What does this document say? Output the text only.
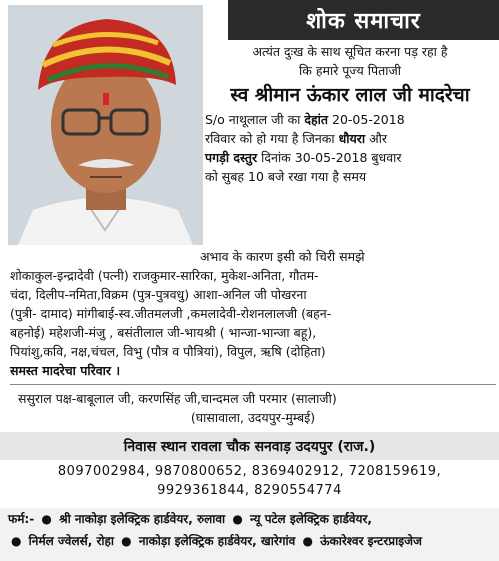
शोक समाचार
अत्यंत दुःख के साथ सूचित करना पड़ रहा है
कि हमारे पूज्य पिताजी
स्व श्रीमान ऊंकार लाल जी मादरेचा
S/o नाथूलाल जी का देहांत 20-05-2018
रविवार को हो गया है जिनका धौयरा और
पगड़ी दस्तुर दिनांक 30-05-2018 बुधवार
को सुबह 10 बजे रखा गया है समय
अभाव के कारण इसी को चिरी समझे
शोकाकुल-इन्द्रादेवी (पत्नी) राजकुमार-सारिका, मुकेश-अनिता, गौतम-
चंदा, दिलीप-नमिता,विक्रम (पुत्र-पुत्रवधु) आशा-अनिल जी पोखरना
(पुत्री- दामाद) मांगीबाई-स्व.जीतमलजी ,कमलादेवी-रोशनलालजी (बहन-
बहनोई) महेशजी-मंजु , बसंतीलाल जी-भायश्री ( भान्जा-भान्जा बहू),
पियांशु,कवि, नक्ष,चंचल, विभु (पौत्र व पौत्रियां), विपुल, ऋषि (दोहिता)
समस्त मादरेचा परिवार ।
ससुराल पक्ष-बाबूलाल जी, करणसिंह जी,चान्दमल जी परमार (सालाजी)
(घासावाला, उदयपुर-मुम्बई)
निवास स्थान रावला चौक सनवाड़ उदयपुर (राज.)
8097002984, 9870800652, 8369402912, 7208159619,
9929361844, 8290554774
फर्म:- ● श्री नाकोड़ा इलेक्ट्रिक हार्डवेयर, रुलावा ● न्यू पटेल इलेक्ट्रिक हार्डवेयर,
● निर्मल ज्वेलर्स, रोहा ● नाकोड़ा इलेक्ट्रिक हार्डवेयर, खारेगांव ● ऊंकारेश्वर इन्टरप्राइजेज
